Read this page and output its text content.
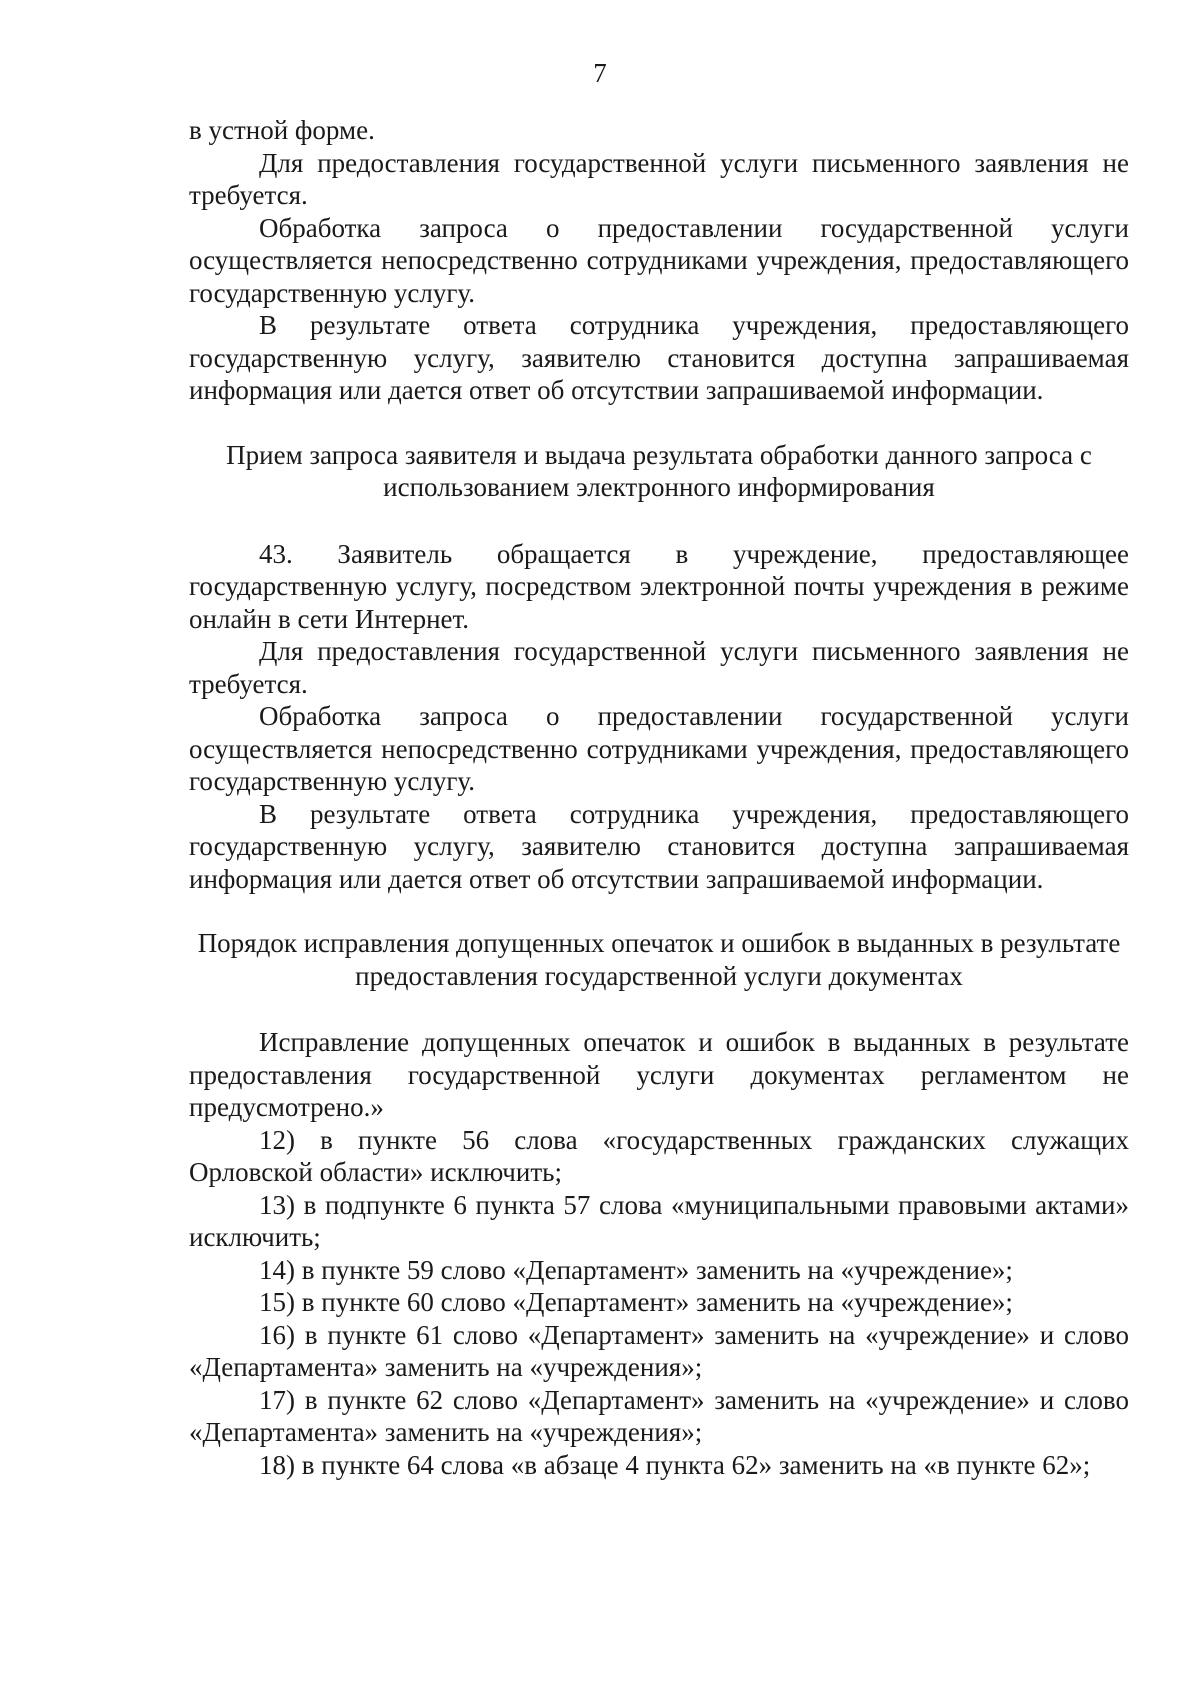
7

в устной форме.

Для предоставления государственной услуги письменного заявления не требуется.

Обработка запроса о предоставлении государственной услуги осуществляется непосредственно сотрудниками учреждения, предоставляющего государственную услугу.

В результате ответа сотрудника учреждения, предоставляющего государственную услугу, заявителю становится доступна запрашиваемая информация или дается ответ об отсутствии запрашиваемой информации.

Прием запроса заявителя и выдача результата обработки данного запроса с использованием электронного информирования

43. Заявитель обращается в учреждение, предоставляющее государственную услугу, посредством электронной почты учреждения в режиме онлайн в сети Интернет.

Для предоставления государственной услуги письменного заявления не требуется.

Обработка запроса о предоставлении государственной услуги осуществляется непосредственно сотрудниками учреждения, предоставляющего государственную услугу.

В результате ответа сотрудника учреждения, предоставляющего государственную услугу, заявителю становится доступна запрашиваемая информация или дается ответ об отсутствии запрашиваемой информации.

Порядок исправления допущенных опечаток и ошибок в выданных в результате предоставления государственной услуги документах

Исправление допущенных опечаток и ошибок в выданных в результате предоставления государственной услуги документах регламентом не предусмотрено.»

12) в пункте 56 слова «государственных гражданских служащих Орловской области» исключить;

13) в подпункте 6 пункта 57 слова «муниципальными правовыми актами» исключить;

14) в пункте 59 слово «Департамент» заменить на «учреждение»;

15) в пункте 60 слово «Департамент» заменить на «учреждение»;

16) в пункте 61 слово «Департамент» заменить на «учреждение» и слово «Департамента» заменить на «учреждения»;

17) в пункте 62 слово «Департамент» заменить на «учреждение» и слово «Департамента» заменить на «учреждения»;

18) в пункте 64 слова «в абзаце 4 пункта 62» заменить на «в пункте 62»;
